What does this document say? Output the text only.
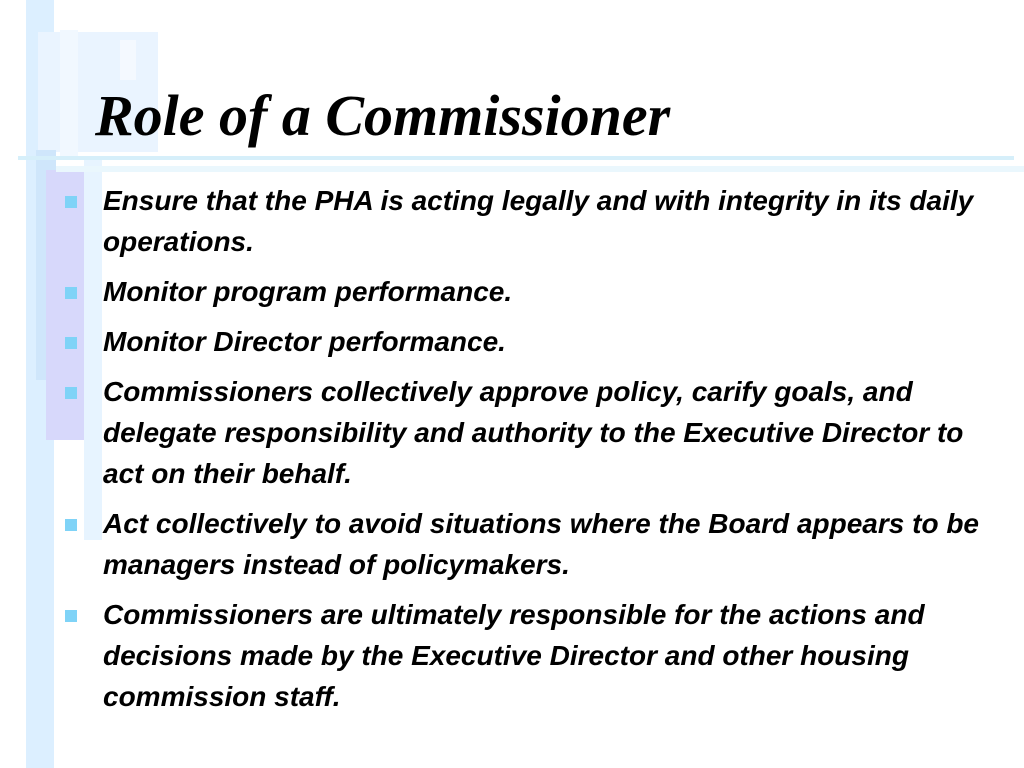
Role of a Commissioner
Ensure that the PHA is acting legally and with integrity in its daily operations.
Monitor program performance.
Monitor Director performance.
Commissioners collectively approve policy, carify goals, and delegate responsibility and authority to the Executive Director to act on their behalf.
Act collectively to avoid situations where the Board appears to be managers instead of policymakers.
Commissioners are ultimately responsible for the actions and decisions made by the Executive Director and other housing commission staff.
